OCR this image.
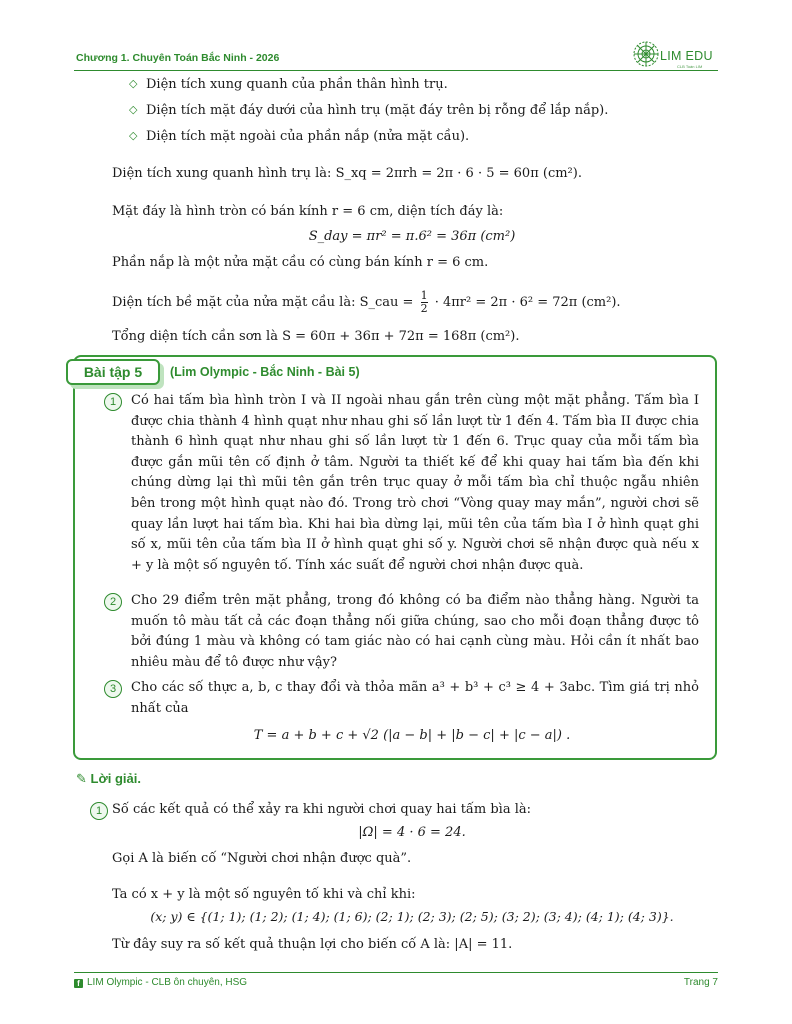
Chương 1. Chuyên Toán Bắc Ninh - 2026	LIM EDU
CLB Toán LIM
◇ Diện tích xung quanh của phần thân hình trụ.
◇ Diện tích mặt đáy dưới của hình trụ (mặt đáy trên bị rỗng để lắp nắp).
◇ Diện tích mặt ngoài của phần nắp (nửa mặt cầu).
Diện tích xung quanh hình trụ là: S_xq = 2πrh = 2π · 6 · 5 = 60π (cm²).
Mặt đáy là hình tròn có bán kính r = 6 cm, diện tích đáy là:
S_day = πr² = π.6² = 36π (cm²)
Phần nắp là một nửa mặt cầu có cùng bán kính r = 6 cm.
Diện tích bề mặt của nửa mặt cầu là: S_cau = 1

2 · 4πr² = 2π · 6² = 72π (cm²).
Tổng diện tích cần sơn là S = 60π + 36π + 72π = 168π (cm²).
Bài tập 5	(Lim Olympic - Bắc Ninh - Bài 5)
1	Có hai tấm bìa hình tròn I và II ngoài nhau gắn trên cùng một mặt phẳng. Tấm bìa I được chia thành 4 hình quạt như nhau ghi số lần lượt từ 1 đến 4. Tấm bìa II được chia thành 6 hình quạt như nhau ghi số lần lượt từ 1 đến 6. Trục quay của mỗi tấm bìa được gắn mũi tên cố định ở tâm. Người ta thiết kế để khi quay hai tấm bìa đến khi chúng dừng lại thì mũi tên gắn trên trục quay ở mỗi tấm bìa chỉ thuộc ngẫu nhiên bên trong một hình quạt nào đó. Trong trò chơi “Vòng quay may mắn”, người chơi sẽ quay lần lượt hai tấm bìa. Khi hai bìa dừng lại, mũi tên của tấm bìa I ở hình quạt ghi số x, mũi tên của tấm bìa II ở hình quạt ghi số y. Người chơi sẽ nhận được quà nếu x + y là một số nguyên tố. Tính xác suất để người chơi nhận được quà.
2	Cho 29 điểm trên mặt phẳng, trong đó không có ba điểm nào thẳng hàng. Người ta muốn tô màu tất cả các đoạn thẳng nối giữa chúng, sao cho mỗi đoạn thẳng được tô bởi đúng 1 màu và không có tam giác nào có hai cạnh cùng màu. Hỏi cần ít nhất bao nhiêu màu để tô được như vậy?
3	Cho các số thực a, b, c thay đổi và thỏa mãn a³ + b³ + c³ ≥ 4 + 3abc. Tìm giá trị nhỏ nhất của
T = a + b + c + √2 (|a − b| + |b − c| + |c − a|) .
✎ Lời giải.
1 Số các kết quả có thể xảy ra khi người chơi quay hai tấm bìa là:
|Ω| = 4 · 6 = 24.
Gọi A là biến cố “Người chơi nhận được quà”.
Ta có x + y là một số nguyên tố khi và chỉ khi:
(x; y) ∈ {(1; 1); (1; 2); (1; 4); (1; 6); (2; 1); (2; 3); (2; 5); (3; 2); (3; 4); (4; 1); (4; 3)}.
f LIM Olympic - CLB ôn chuyên, HSG	Trang 7
Từ đây suy ra số kết quả thuận lợi cho biến cố A là: |A| = 11.
